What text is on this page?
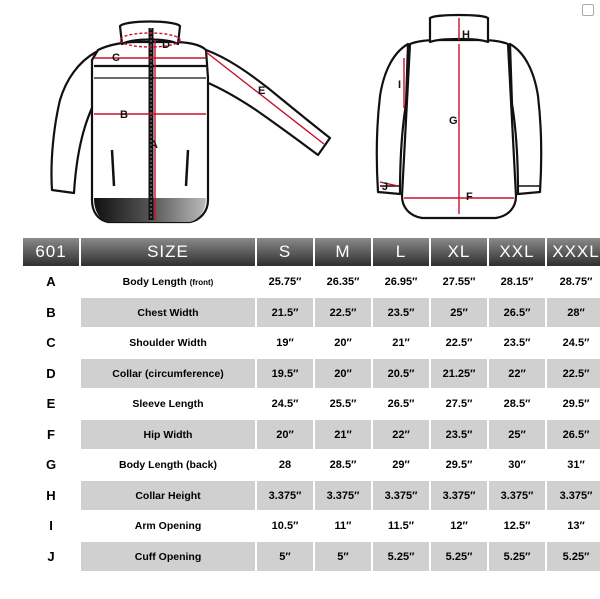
C
D
E
B
A
H
I
G
J
F
601	SIZE	S	M	L	XL	XXL	XXXL
A	Body Length (front)	25.75″	26.35″	26.95″	27.55″	28.15″	28.75″
B	Chest Width	21.5″	22.5″	23.5″	25″	26.5″	28″
C	Shoulder Width	19″	20″	21″	22.5″	23.5″	24.5″
D	Collar (circumference)	19.5″	20″	20.5″	21.25″	22″	22.5″
E	Sleeve Length	24.5″	25.5″	26.5″	27.5″	28.5″	29.5″
F	Hip Width	20″	21″	22″	23.5″	25″	26.5″
G	Body Length (back)	28	28.5″	29″	29.5″	30″	31″
H	Collar Height	3.375″	3.375″	3.375″	3.375″	3.375″	3.375″
I	Arm Opening	10.5″	11″	11.5″	12″	12.5″	13″
J	Cuff Opening	5″	5″	5.25″	5.25″	5.25″	5.25″
